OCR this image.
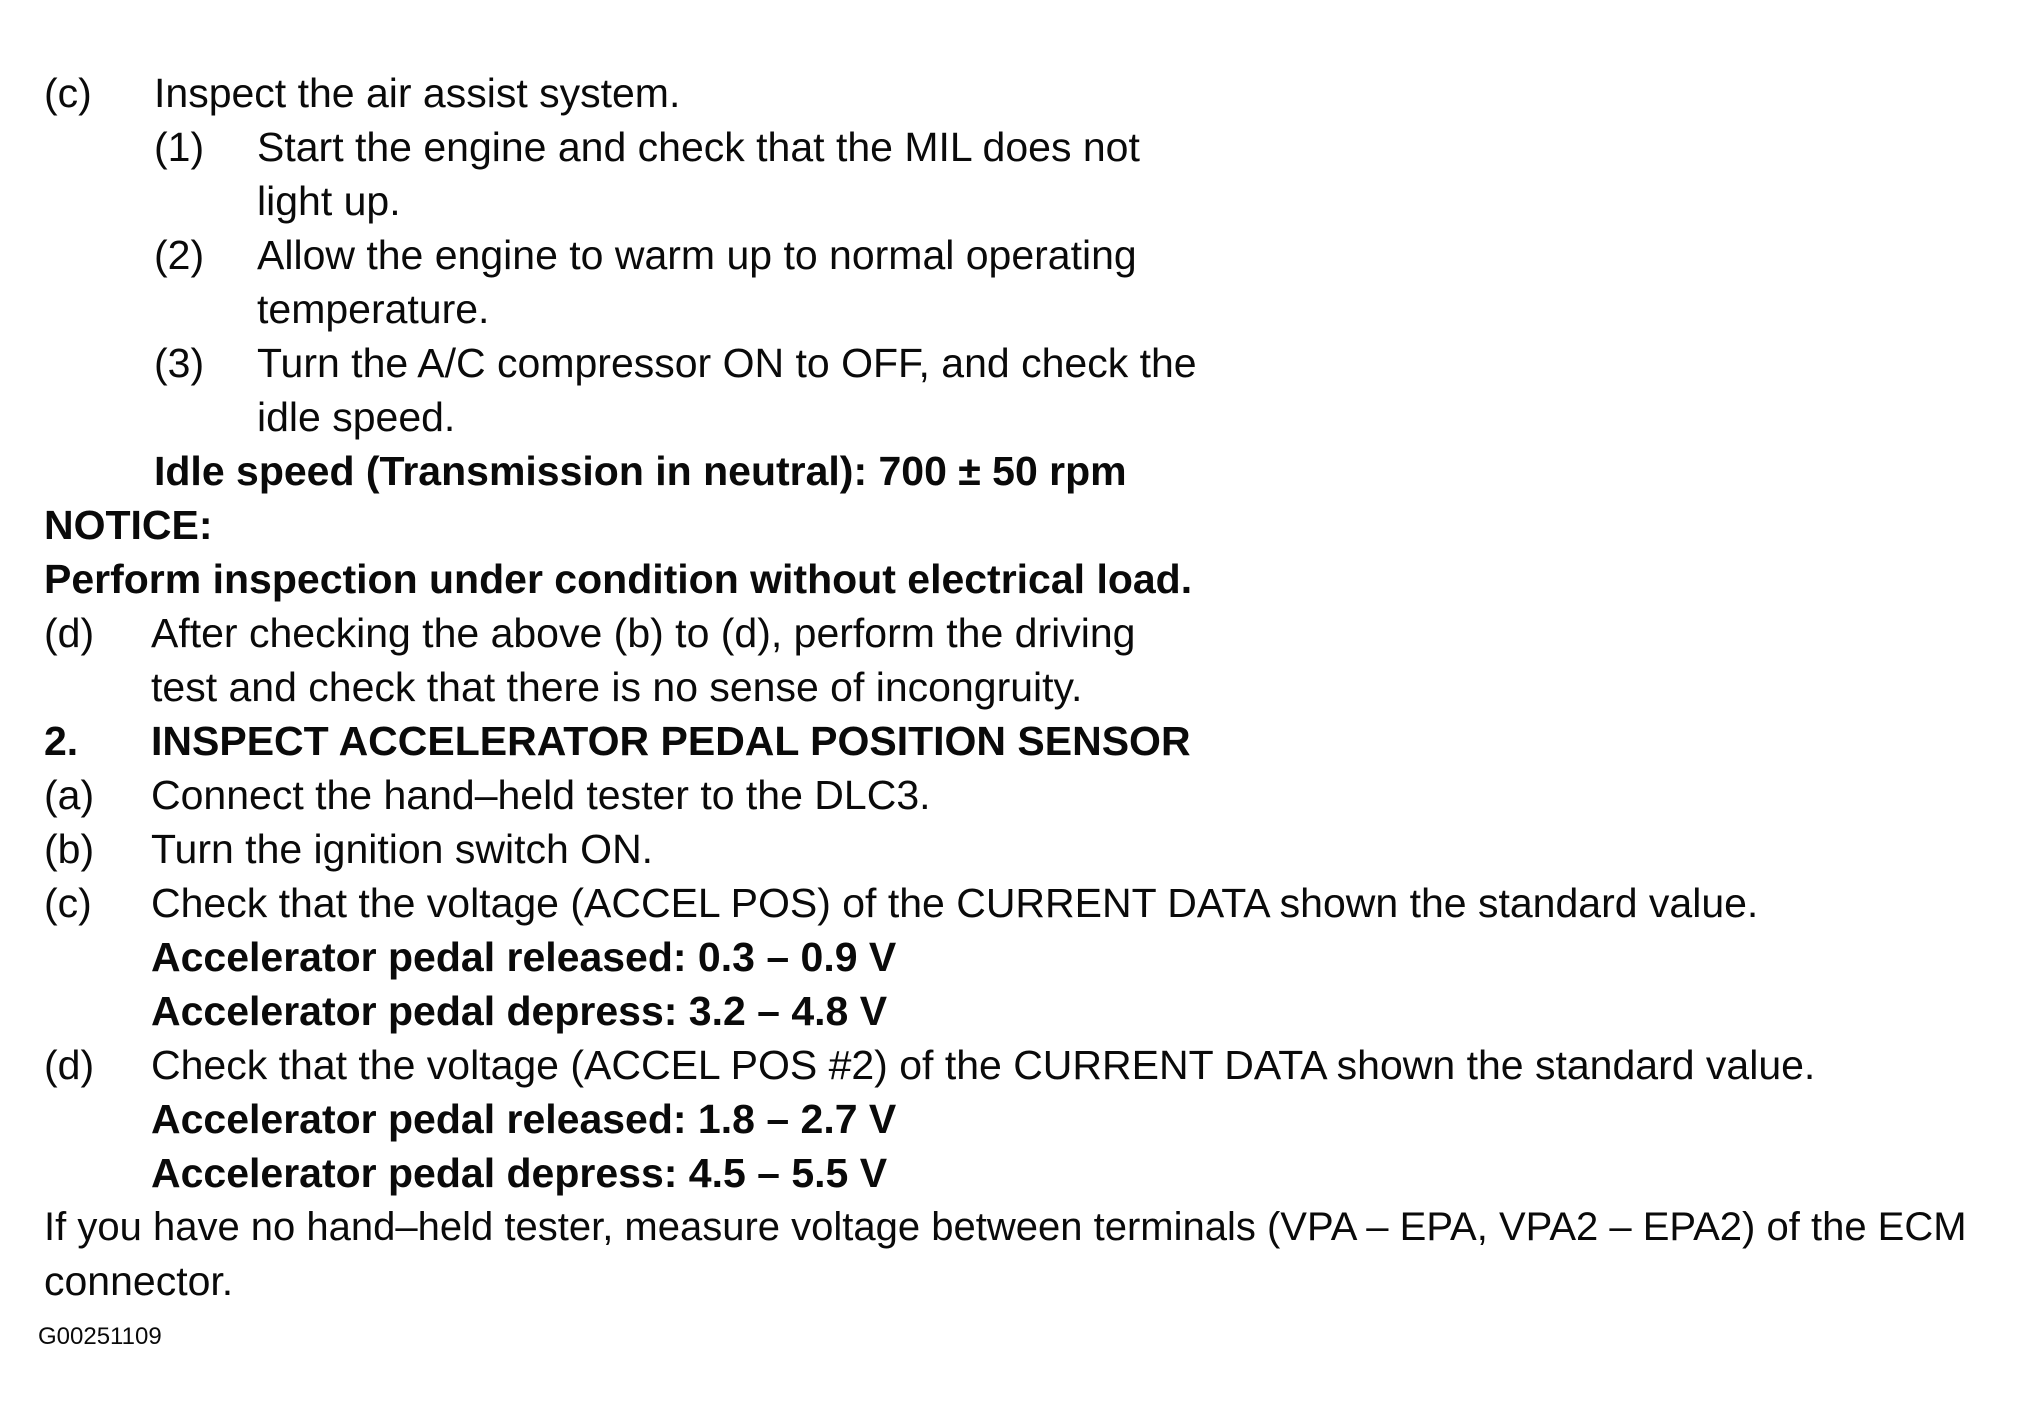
(c) Inspect the air assist system.
(1) Start the engine and check that the MIL does not
light up.
(2) Allow the engine to warm up to normal operating
temperature.
(3) Turn the A/C compressor ON to OFF, and check the
idle speed.
Idle speed (Transmission in neutral): 700 ± 50 rpm
NOTICE:
Perform inspection under condition without electrical load.
(d) After checking the above (b) to (d), perform the driving
test and check that there is no sense of incongruity.
2. INSPECT ACCELERATOR PEDAL POSITION SENSOR
(a) Connect the hand–held tester to the DLC3.
(b) Turn the ignition switch ON.
(c) Check that the voltage (ACCEL POS) of the CURRENT DATA shown the standard value.
Accelerator pedal released: 0.3 – 0.9 V
Accelerator pedal depress: 3.2 – 4.8 V
(d) Check that the voltage (ACCEL POS #2) of the CURRENT DATA shown the standard value.
Accelerator pedal released: 1.8 – 2.7 V
Accelerator pedal depress: 4.5 – 5.5 V
If you have no hand–held tester, measure voltage between terminals (VPA – EPA, VPA2 – EPA2) of the ECM
connector.
G00251109
